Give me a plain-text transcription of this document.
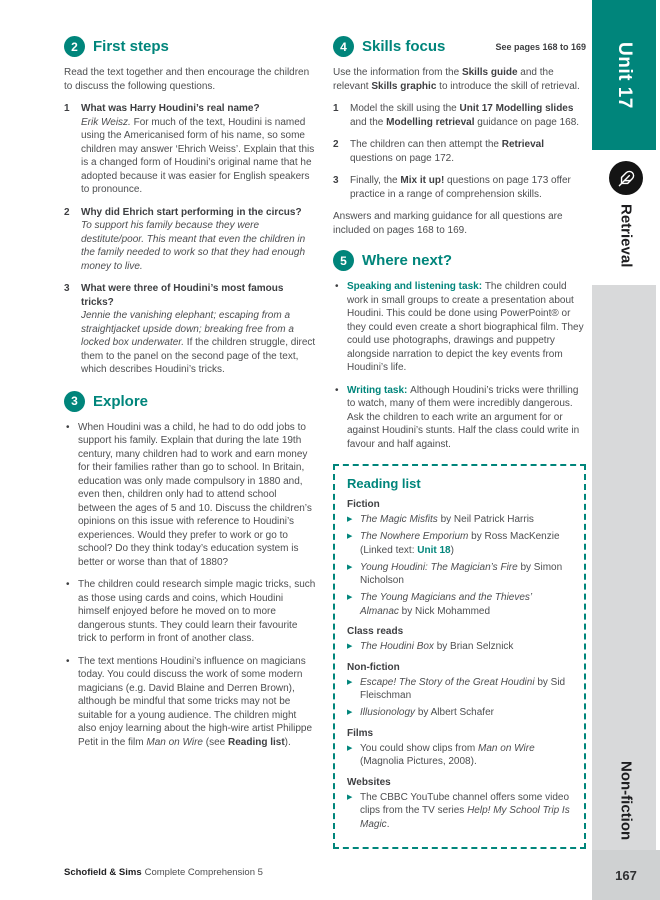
2	First steps

Read the text together and then encourage the children to discuss the following questions.

1	What was Harry Houdini’s real name?

Erik Weisz. For much of the text, Houdini is named using the Americanised form of his name, so some children may answer ‘Ehrich Weiss’. Explain that this is a changed form of Houdini’s original name that he adopted because it was easier for English speakers to pronounce.

2	Why did Ehrich start performing in the circus?

To support his family because they were destitute/poor. This meant that even the children in the family needed to work so that they had enough money to live.

3	What were three of Houdini’s most famous tricks?

Jennie the vanishing elephant; escaping from a straightjacket upside down; breaking free from a locked box underwater. If the children struggle, direct them to the panel on the second page of the text, which describes Houdini’s tricks.

3	Explore

• When Houdini was a child, he had to do odd jobs to support his family. Explain that during the late 19th century, many children had to work and earn money for their families rather than go to school. In Britain, education was only made compulsory in 1880 and, even then, children only had to attend school between the ages of 5 and 10. Discuss the children’s opinions on this issue with reference to Houdini’s experiences. Would they prefer to work or go to school? Do they think today’s education system is better or worse than that of 1880?

• The children could research simple magic tricks, such as those using cards and coins, which Houdini himself enjoyed before he moved on to more dangerous stunts. They could learn their favourite trick to perform in front of another class.

• The text mentions Houdini’s influence on magicians today. You could discuss the work of some modern magicians (e.g. David Blaine and Derren Brown), although be mindful that some tricks may not be suitable for a young audience. The children might also enjoy learning about the high-wire artist Philippe Petit in the film Man on Wire (see Reading list).

4	Skills focus	See pages 168 to 169

Use the information from the Skills guide and the relevant Skills graphic to introduce the skill of retrieval.

1	Model the skill using the Unit 17 Modelling slides and the Modelling retrieval guidance on page 168.

2	The children can then attempt the Retrieval questions on page 172.

3	Finally, the Mix it up! questions on page 173 offer practice in a range of comprehension skills.

Answers and marking guidance for all questions are included on pages 168 to 169.

5	Where next?

• Speaking and listening task: The children could work in small groups to create a presentation about Houdini. This could be done using PowerPoint® or they could even create a short biographical film. They could use photographs, drawings and puppetry alongside narration to depict the key events from Houdini’s life.

• Writing task: Although Houdini’s tricks were thrilling to watch, many of them were incredibly dangerous. Ask the children to each write an argument for or against Houdini’s stunts. Half the class could write in favour and half against.

Reading list

Fiction

▶ The Magic Misfits by Neil Patrick Harris

▶ The Nowhere Emporium by Ross MacKenzie (Linked text: Unit 18)

▶ Young Houdini: The Magician’s Fire by Simon Nicholson

▶ The Young Magicians and the Thieves’ Almanac by Nick Mohammed

Class reads

▶ The Houdini Box by Brian Selznick

Non-fiction

▶ Escape! The Story of the Great Houdini by Sid Fleischman

▶ Illusionology by Albert Schafer

Films

▶ You could show clips from Man on Wire (Magnolia Pictures, 2008).

Websites

▶ The CBBC YouTube channel offers some video clips from the TV series Help! My School Trip Is Magic.

Schofield & Sims Complete Comprehension 5
Unit 17
Retrieval
Non-fiction
167
